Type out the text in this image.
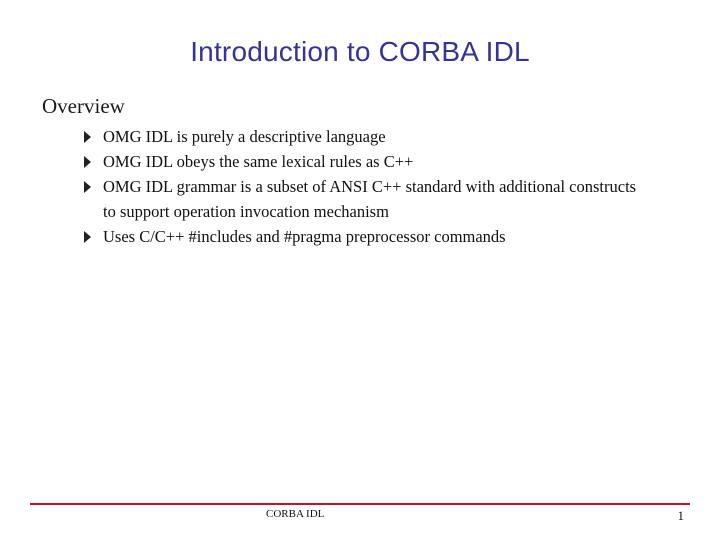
Introduction to CORBA IDL
Overview
OMG IDL is purely a descriptive language
OMG IDL obeys the same lexical rules as C++
OMG IDL grammar is a subset of ANSI C++ standard with additional constructs to support operation invocation mechanism
Uses C/C++ #includes and #pragma preprocessor commands
CORBA IDL	1
